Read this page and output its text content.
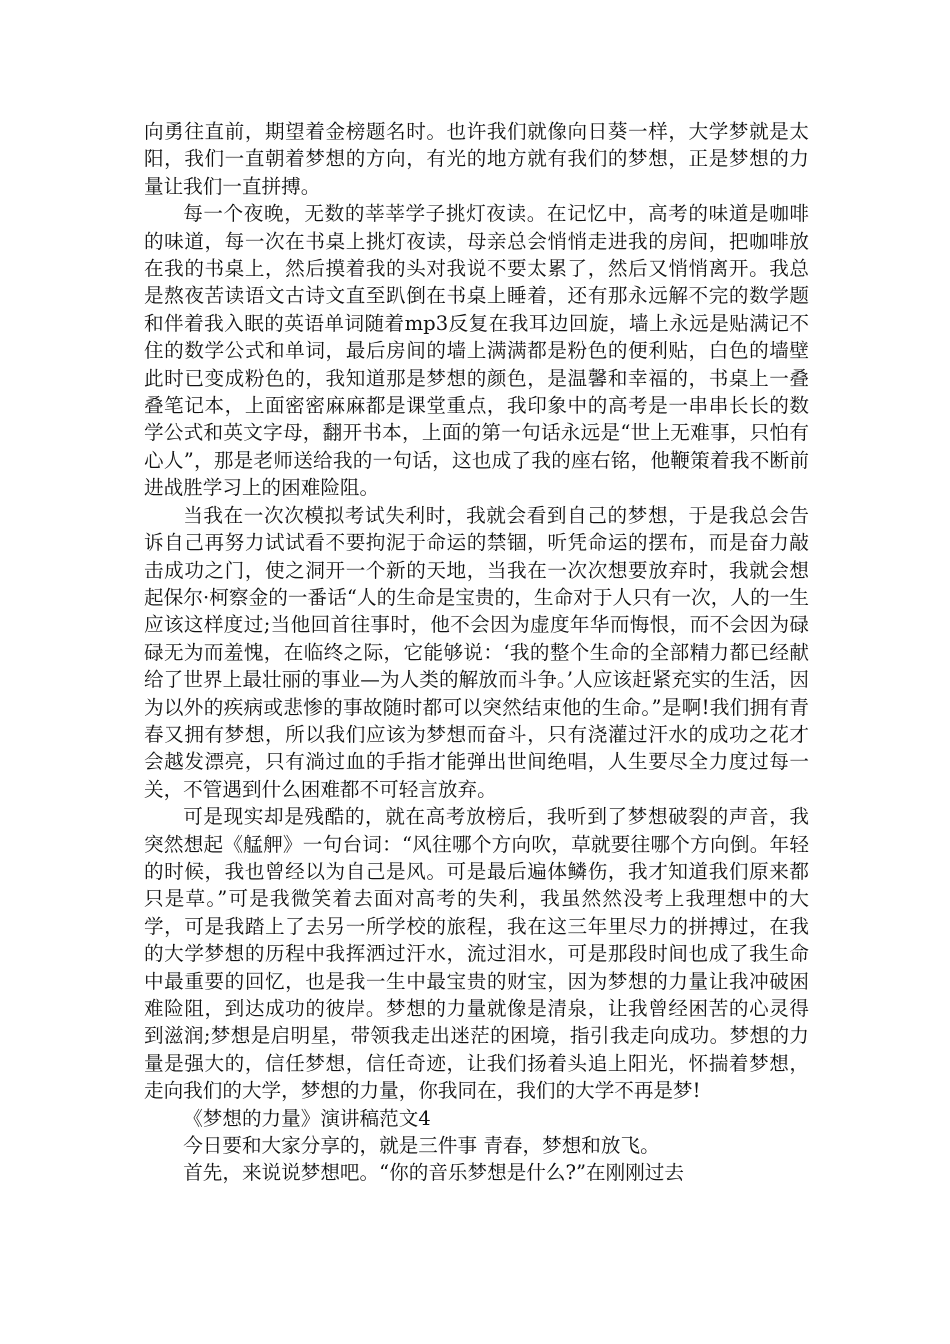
向勇往直前，期望着金榜题名时。也许我们就像向日葵一样，大学梦就是太阳，我们一直朝着梦想的方向，有光的地方就有我们的梦想，正是梦想的力量让我们一直拼搏。

每一个夜晚，无数的莘莘学子挑灯夜读。在记忆中，高考的味道是咖啡的味道，每一次在书桌上挑灯夜读，母亲总会悄悄走进我的房间，把咖啡放在我的书桌上，然后摸着我的头对我说不要太累了，然后又悄悄离开。我总是熬夜苦读语文古诗文直至趴倒在书桌上睡着，还有那永远解不完的数学题和伴着我入眠的英语单词随着mp3反复在我耳边回旋，墙上永远是贴满记不住的数学公式和单词，最后房间的墙上满满都是粉色的便利贴，白色的墙壁此时已变成粉色的，我知道那是梦想的颜色，是温馨和幸福的，书桌上一叠叠笔记本，上面密密麻麻都是课堂重点，我印象中的高考是一串串长长的数学公式和英文字母，翻开书本，上面的第一句话永远是“世上无难事，只怕有心人”，那是老师送给我的一句话，这也成了我的座右铭，他鞭策着我不断前进战胜学习上的困难险阻。

当我在一次次模拟考试失利时，我就会看到自己的梦想，于是我总会告诉自己再努力试试看不要拘泥于命运的禁锢，听凭命运的摆布，而是奋力敲击成功之门，使之洞开一个新的天地，当我在一次次想要放弃时，我就会想起保尔·柯察金的一番话“人的生命是宝贵的，生命对于人只有一次，人的一生应该这样度过;当他回首往事时，他不会因为虚度年华而悔恨，而不会因为碌碌无为而羞愧，在临终之际，它能够说：‘我的整个生命的全部精力都已经献给了世界上最壮丽的事业—为人类的解放而斗争。’人应该赶紧充实的生活，因为以外的疾病或悲惨的事故随时都可以突然结束他的生命。”是啊!我们拥有青春又拥有梦想，所以我们应该为梦想而奋斗，只有浇灌过汗水的成功之花才会越发漂亮，只有淌过血的手指才能弹出世间绝唱，人生要尽全力度过每一关，不管遇到什么困难都不可轻言放弃。

可是现实却是残酷的，就在高考放榜后，我听到了梦想破裂的声音，我突然想起《艋舺》一句台词：“风往哪个方向吹，草就要往哪个方向倒。年轻的时候，我也曾经以为自己是风。可是最后遍体鳞伤，我才知道我们原来都只是草。”可是我微笑着去面对高考的失利，我虽然然没考上我理想中的大学，可是我踏上了去另一所学校的旅程，我在这三年里尽力的拼搏过，在我的大学梦想的历程中我挥洒过汗水，流过泪水，可是那段时间也成了我生命中最重要的回忆，也是我一生中最宝贵的财宝，因为梦想的力量让我冲破困难险阻，到达成功的彼岸。梦想的力量就像是清泉，让我曾经困苦的心灵得到滋润;梦想是启明星，带领我走出迷茫的困境，指引我走向成功。梦想的力量是强大的，信任梦想，信任奇迹，让我们扬着头追上阳光，怀揣着梦想，走向我们的大学，梦想的力量，你我同在，我们的大学不再是梦!

《梦想的力量》演讲稿范文4

今日要和大家分享的，就是三件事 青春，梦想和放飞。

首先，来说说梦想吧。“你的音乐梦想是什么?”在刚刚过去
